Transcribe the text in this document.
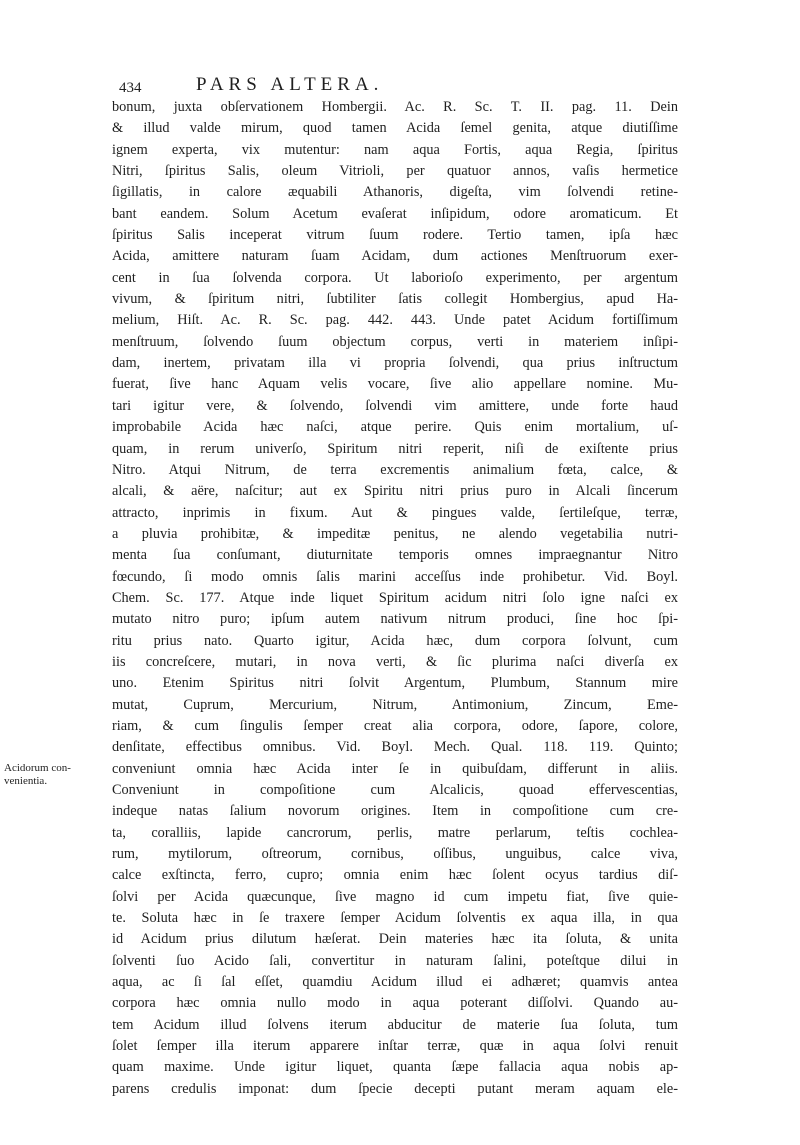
434	PARS ALTERA.
Acidorum con-
venientia.
bonum, juxta obſervationem Hombergii. Ac. R. Sc. T. II. pag. 11. Dein
& illud valde mirum, quod tamen Acida ſemel genita, atque diutiſſime
ignem experta, vix mutentur: nam aqua Fortis, aqua Regia, ſpiritus
Nitri, ſpiritus Salis, oleum Vitrioli, per quatuor annos, vaſis hermetice
ſigillatis, in calore æquabili Athanoris, digeſta, vim ſolvendi retine-
bant eandem. Solum Acetum evaſerat inſipidum, odore aromaticum. Et
ſpiritus Salis inceperat vitrum ſuum rodere. Tertio tamen, ipſa hæc
Acida, amittere naturam ſuam Acidam, dum actiones Menſtruorum exer-
cent in ſua ſolvenda corpora. Ut laborioſo experimento, per argentum
vivum, & ſpiritum nitri, ſubtiliter ſatis collegit Hombergius, apud Ha-
melium, Hiſt. Ac. R. Sc. pag. 442. 443. Unde patet Acidum fortiſſimum
menſtruum, ſolvendo ſuum objectum corpus, verti in materiem inſipi-
dam, inertem, privatam illa vi propria ſolvendi, qua prius inſtructum
fuerat, ſive hanc Aquam velis vocare, ſive alio appellare nomine. Mu-
tari igitur vere, & ſolvendo, ſolvendi vim amittere, unde forte haud
improbabile Acida hæc naſci, atque perire. Quis enim mortalium, uſ-
quam, in rerum univerſo, Spiritum nitri reperit, niſi de exiſtente prius
Nitro. Atqui Nitrum, de terra excrementis animalium fœta, calce, &
alcali, & aëre, naſcitur; aut ex Spiritu nitri prius puro in Alcali ſincerum
attracto, inprimis in fixum. Aut & pingues valde, ſertileſque, terræ,
a pluvia prohibitæ, & impeditæ penitus, ne alendo vegetabilia nutri-
menta ſua conſumant, diuturnitate temporis omnes impraegnantur Nitro
fœcundo, ſi modo omnis ſalis marini acceſſus inde prohibetur. Vid. Boyl.
Chem. Sc. 177. Atque inde liquet Spiritum acidum nitri ſolo igne naſci ex
mutato nitro puro; ipſum autem nativum nitrum produci, ſine hoc ſpi-
ritu prius nato. Quarto igitur, Acida hæc, dum corpora ſolvunt, cum
iis concreſcere, mutari, in nova verti, & ſic plurima naſci diverſa ex
uno. Etenim Spiritus nitri ſolvit Argentum, Plumbum, Stannum mire
mutat, Cuprum, Mercurium, Nitrum, Antimonium, Zincum, Eme-
riam, & cum ſingulis ſemper creat alia corpora, odore, ſapore, colore,
denſitate, effectibus omnibus. Vid. Boyl. Mech. Qual. 118. 119. Quinto;
conveniunt omnia hæc Acida inter ſe in quibuſdam, differunt in aliis.
Conveniunt in compoſitione cum Alcalicis, quoad effervescentias,
indeque natas ſalium novorum origines. Item in compoſitione cum cre-
ta, coralliis, lapide cancrorum, perlis, matre perlarum, teſtis cochlea-
rum, mytilorum, oſtreorum, cornibus, oſſibus, unguibus, calce viva,
calce exſtincta, ferro, cupro; omnia enim hæc ſolent ocyus tardius diſ-
ſolvi per Acida quæcunque, ſive magno id cum impetu fiat, ſive quie-
te. Soluta hæc in ſe traxere ſemper Acidum ſolventis ex aqua illa, in qua
id Acidum prius dilutum hæſerat. Dein materies hæc ita ſoluta, & unita
ſolventi ſuo Acido ſali, convertitur in naturam ſalini, poteſtque dilui in
aqua, ac ſi ſal eſſet, quamdiu Acidum illud ei adhæret; quamvis antea
corpora hæc omnia nullo modo in aqua poterant diſſolvi. Quando au-
tem Acidum illud ſolvens iterum abducitur de materie ſua ſoluta, tum
ſolet ſemper illa iterum apparere inſtar terræ, quæ in aqua ſolvi renuit
quam maxime. Unde igitur liquet, quanta ſæpe fallacia aqua nobis ap-
parens credulis imponat: dum ſpecie decepti putant meram aquam ele-
